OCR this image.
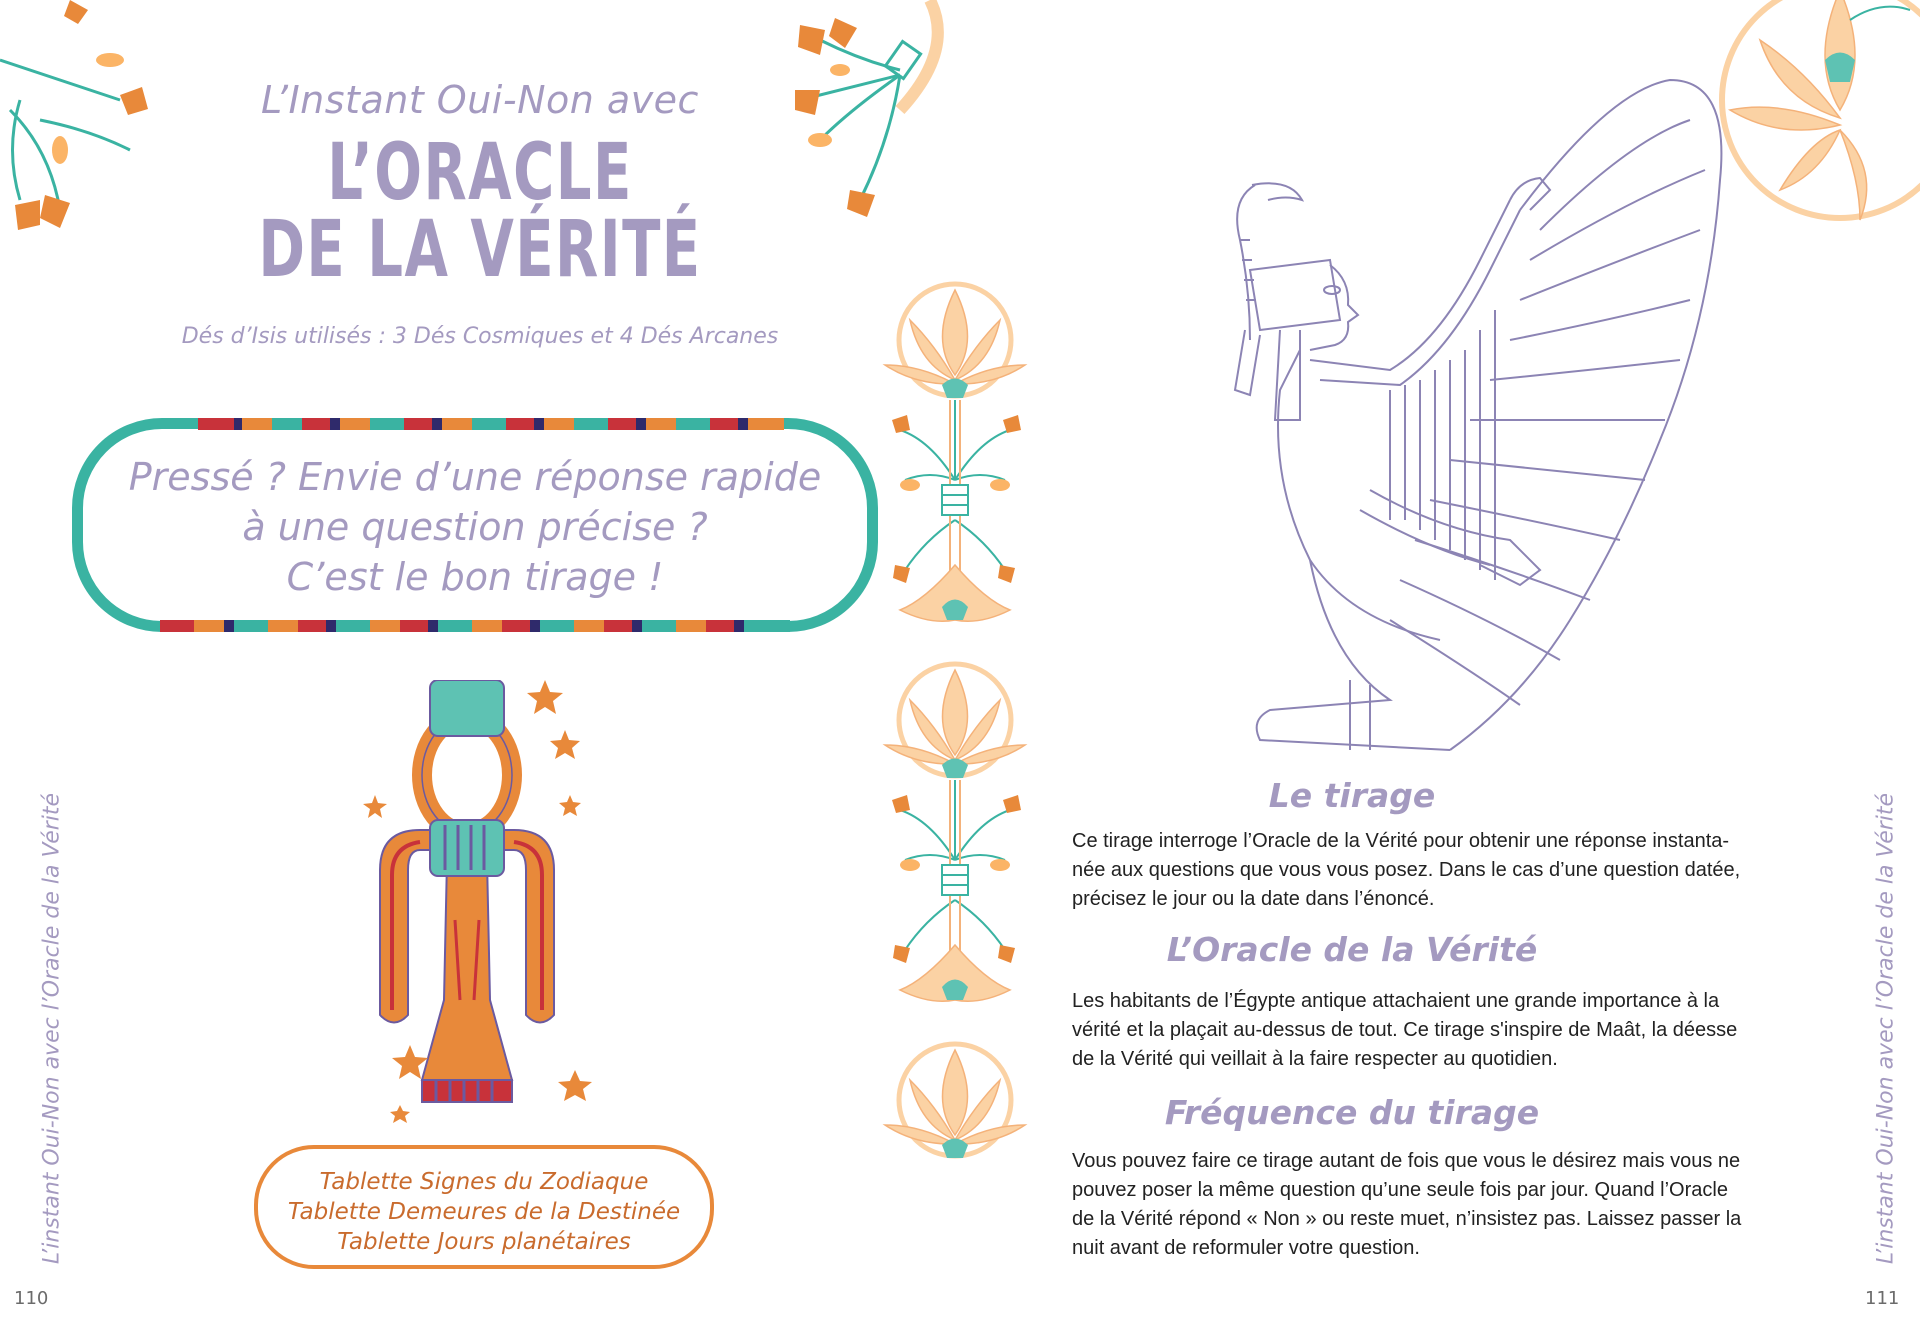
L’Instant Oui-Non avec
L’ORACLE
DE LA VÉRITÉ
Dés d’Isis utilisés : 3 Dés Cosmiques et 4 Dés Arcanes
Pressé ? Envie d’une réponse rapide
à une question précise ?
C’est le bon tirage !
Tablette Signes du Zodiaque
Tablette Demeures de la Destinée
Tablette Jours planétaires
L’instant Oui-Non avec l’Oracle de la Vérité
110
Le tirage
Ce tirage interroge l’Oracle de la Vérité pour obtenir une réponse instanta-
née aux questions que vous vous posez. Dans le cas d’une question datée,
précisez le jour ou la date dans l’énoncé.
L’Oracle de la Vérité
Les habitants de l’Égypte antique attachaient une grande importance à la
vérité et la plaçait au-dessus de tout. Ce tirage s'inspire de Maât, la déesse
de la Vérité qui veillait à la faire respecter au quotidien.
Fréquence du tirage
Vous pouvez faire ce tirage autant de fois que vous le désirez mais vous ne
pouvez poser la même question qu’une seule fois par jour. Quand l’Oracle
de la Vérité répond « Non » ou reste muet, n’insistez pas. Laissez passer la
nuit avant de reformuler votre question.	L’instant Oui-Non avec l’Oracle de la Vérité
111
